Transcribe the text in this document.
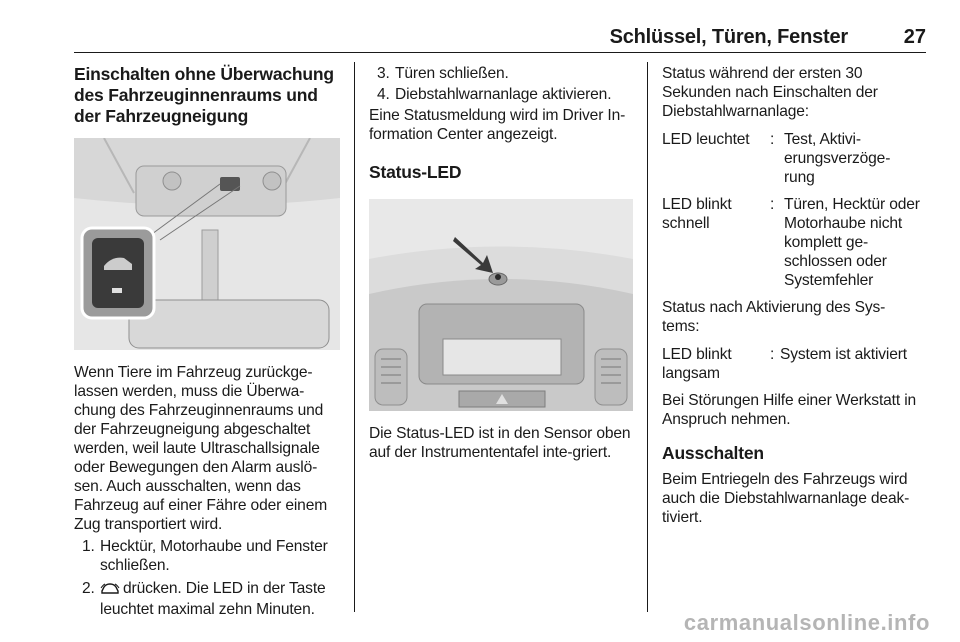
Schlüssel, Türen, Fenster	27
Einschalten ohne Überwachung des Fahrzeuginnenraums und der Fahrzeugneigung

Wenn Tiere im Fahrzeug zurückge-lassen werden, muss die Überwa-chung des Fahrzeuginnenraums und der Fahrzeugneigung abgeschaltet werden, weil laute Ultraschallsignale oder Bewegungen den Alarm auslö-sen. Auch ausschalten, wenn das Fahrzeug auf einer Fähre oder einem Zug transportiert wird.

1. Hecktür, Motorhaube und Fenster schließen.
2. drücken. Die LED in der Taste leuchtet maximal zehn Minuten.
3. Türen schließen.
4. Diebstahlwarnanlage aktivieren.

Eine Statusmeldung wird im Driver In-formation Center angezeigt.

Status-LED

Die Status-LED ist in den Sensor oben auf der Instrumententafel inte-griert.

Status während der ersten 30 Sekunden nach Einschalten der Diebstahlwarnanlage:

LED leuchtet	: Test, Aktivi-erungsverzöge-rung
LED blinkt schnell
: Türen, Hecktür oder Motorhaube nicht komplett ge-schlossen oder Systemfehler

Status nach Aktivierung des Sys-tems:

LED blinkt langsam
: System ist aktiviert

Bei Störungen Hilfe einer Werkstatt in Anspruch nehmen.

Ausschalten

Beim Entriegeln des Fahrzeugs wird auch die Diebstahlwarnanlage deak-tiviert.

carmanualsonline.info
